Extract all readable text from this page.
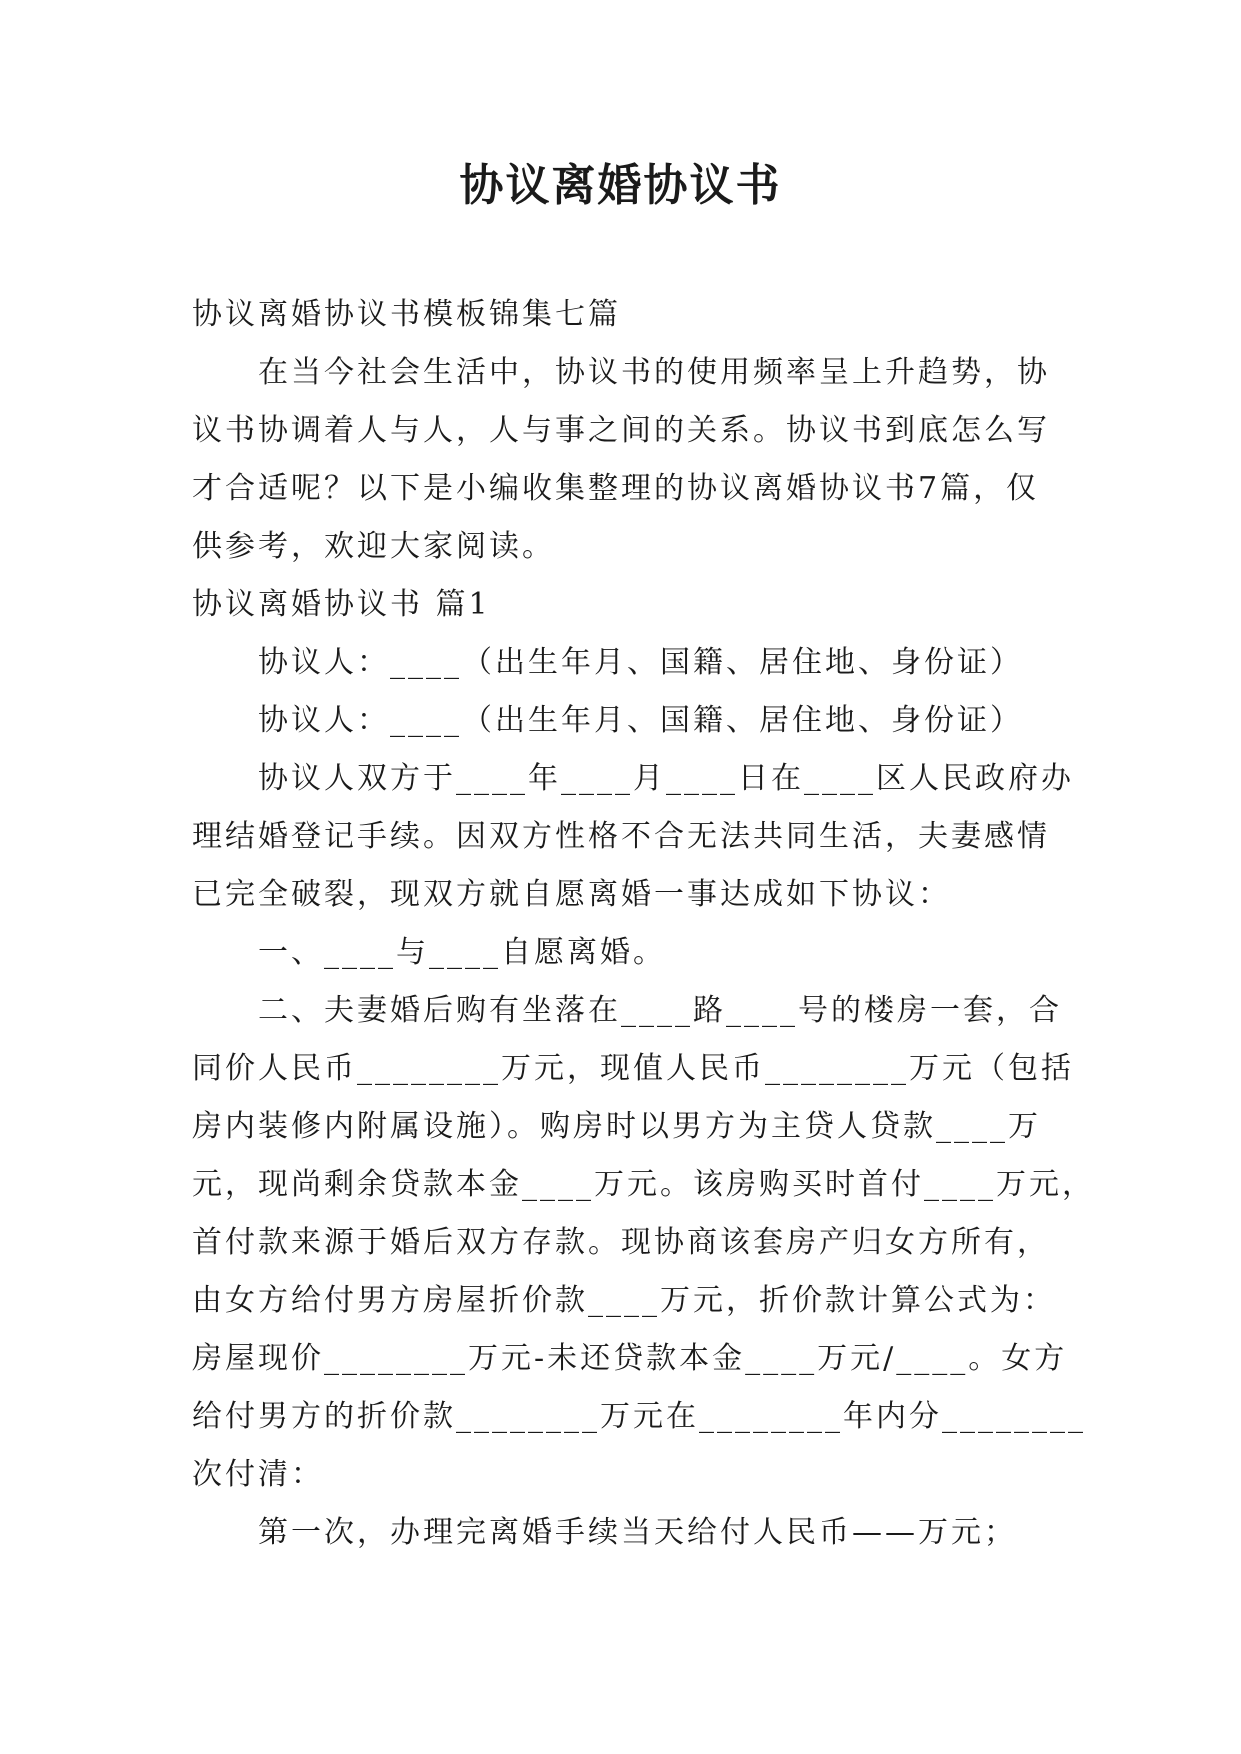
协议离婚协议书

协议离婚协议书模板锦集七篇

在当今社会生活中，协议书的使用频率呈上升趋势，协

议书协调着人与人，人与事之间的关系。协议书到底怎么写

才合适呢？以下是小编收集整理的协议离婚协议书7篇，仅

供参考，欢迎大家阅读。

协议离婚协议书 篇1

协议人：____（出生年月、国籍、居住地、身份证）

协议人：____（出生年月、国籍、居住地、身份证）

协议人双方于____年____月____日在____区人民政府办

理结婚登记手续。因双方性格不合无法共同生活，夫妻感情

已完全破裂，现双方就自愿离婚一事达成如下协议：

一、____与____自愿离婚。

二、夫妻婚后购有坐落在____路____号的楼房一套，合

同价人民币________万元，现值人民币________万元（包括

房内装修内附属设施）。购房时以男方为主贷人贷款____万

元，现尚剩余贷款本金____万元。该房购买时首付____万元，

首付款来源于婚后双方存款。现协商该套房产归女方所有，

由女方给付男方房屋折价款____万元，折价款计算公式为：

房屋现价________万元-未还贷款本金____万元/____。女方

给付男方的折价款________万元在________年内分________

次付清：

第一次，办理完离婚手续当天给付人民币——万元；
